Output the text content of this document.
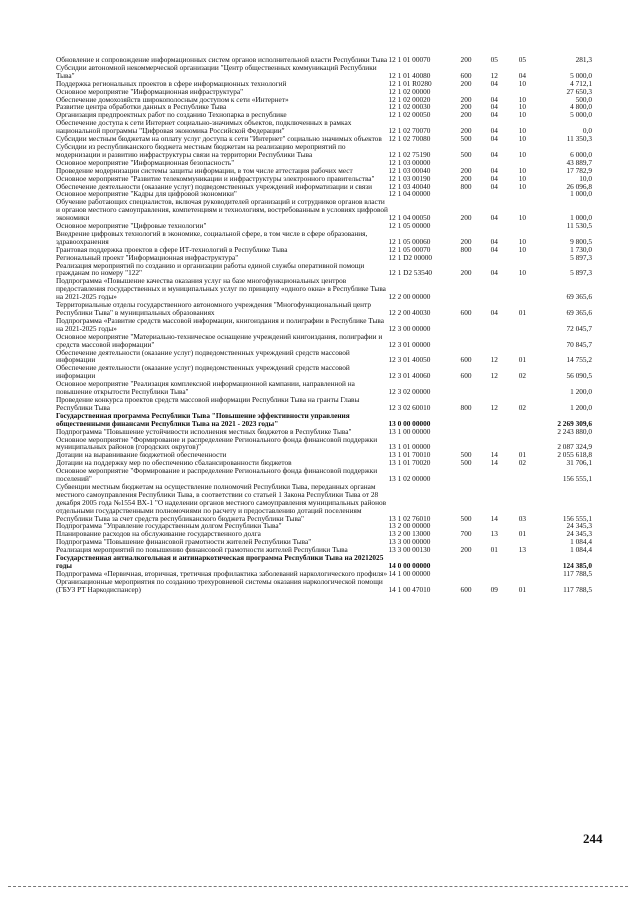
Обновление и сопровождение информационных систем органов исполнительной власти Республики Тыва	12 1 01 00070	200	05	05	281,3
Субсидии автономной некоммерческой организации "Центр общественных коммуникаций Республики Тыва"	12 1 01 40080	600	12	04	5 000,0
Поддержка региональных проектов в сфере информационных технологий	12 1 01 R0280	200	04	10	4 712,1
Основное мероприятие "Информационная инфраструктура"	12 1 02 00000				27 650,3
Обеспечение домохозяйств широкополосным доступом к сети «Интернет»	12 1 02 00020	200	04	10	500,0
Развитие центра обработки данных в Республике Тыва	12 1 02 00030	200	04	10	4 800,0
Организация предпроектных работ по созданию Технопарка в республике	12 1 02 00050	200	04	10	5 000,0
Обеспечение доступа к сети Интернет социально-значимых объектов, подключенных в рамках национальной программы "Цифровая экономика Российской Федерации"	12 1 02 70070	200	04	10	0,0
Субсидии местным бюджетам на оплату услуг доступа к сети "Интернет" социально значимых объектов	12 1 02 70080	500	04	10	11 350,3
Субсидии из республиканского бюджета местным бюджетам на реализацию мероприятий по модернизации и развитию инфраструктуры связи на территории Республики Тыва	12 1 02 75190	500	04	10	6 000,0
Основное мероприятие "Информационная безопасность"	12 1 03 00000				43 889,7
Проведение модернизации системы защиты информации, в том числе аттестация рабочих мест	12 1 03 00040	200	04	10	17 782,9
Основное мероприятие "Развитие телекоммуникации и инфраструктуры электронного правительства"	12 1 03 00190	200	04	10	10,0
Обеспечение деятельности (оказание услуг) подведомственных учреждений информатизации и связи	12 1 03 40040	800	04	10	26 096,8
Основное мероприятие "Кадры для цифровой экономики"	12 1 04 00000				1 000,0
Обучение работающих специалистов, включая руководителей организаций и сотрудников органов власти и органов местного самоуправления, компетенциям и технологиям, востребованным в условиях цифровой экономики	12 1 04 00050	200	04	10	1 000,0
Основное мероприятие "Цифровые технологии"	12 1 05 00000				11 530,5
Внедрение цифровых технологий в экономике, социальной сфере, в том числе в сфере образования, здравоохранения	12 1 05 00060	200	04	10	9 800,5
Грантовая поддержка проектов в сфере ИТ-технологий в Республике Тыва	12 1 05 00070	800	04	10	1 730,0
Региональный проект "Информационная инфраструктура"	12 1 D2 00000				5 897,3
Реализация мероприятий по созданию и организации работы единой службы оперативной помощи гражданам по номеру "122"	12 1 D2 53540	200	04	10	5 897,3
Подпрограмма «Повышение качества оказания услуг на базе многофункциональных центров предоставления государственных и муниципальных услуг по принципу «одного окна» в Республике Тыва на 2021-2025 годы»	12 2 00 00000				69 365,6
Территориальные отделы государственного автономного учреждения "Многофункциональный центр Республики Тыва" в муниципальных образованиях	12 2 00 40030	600	04	01	69 365,6
Подпрограмма «Развитие средств массовой информации, книгоиздания и полиграфии в Республике Тыва на 2021-2025 годы»	12 3 00 00000				72 045,7
Основное мероприятие "Материально-техническое оснащение учреждений книгоиздания, полиграфии и средств массовой информации"	12 3 01 00000				70 845,7
Обеспечение деятельности (оказание услуг) подведомственных учреждений средств массовой информации	12 3 01 40050	600	12	01	14 755,2
Обеспечение деятельности (оказание услуг) подведомственных учреждений средств массовой информации	12 3 01 40060	600	12	02	56 090,5
Основное мероприятие "Реализация комплексной информационной кампании, направленной на повышение открытости Республики Тыва"	12 3 02 00000				1 200,0
Проведение конкурса проектов средств массовой информации Республики Тыва на гранты Главы Республики Тыва	12 3 02 60010	800	12	02	1 200,0
Государственная программа Республики Тыва "Повышение эффективности управления общественными финансами Республики Тыва на 2021 - 2023 годы"	13 0 00 00000				2 269 309,6
Подпрограмма "Повышение устойчивости исполнения местных бюджетов в Республике Тыва"	13 1 00 00000				2 243 880,0
Основное мероприятие "Формирование и распределение Регионального фонда финансовой поддержки муниципальных районов (городских округов)"	13 1 01 00000				2 087 324,9
Дотации на выравнивание бюджетной обеспеченности	13 1 01 70010	500	14	01	2 055 618,8
Дотации на поддержку мер по обеспечению сбалансированности бюджетов	13 1 01 70020	500	14	02	31 706,1
Основное мероприятие "Формирование и распределение Регионального фонда финансовой поддержки поселений"	13 1 02 00000				156 555,1
Субвенции местным бюджетам на осуществление полномочий Республики Тыва, переданных органам местного самоуправления Республики Тыва, в соответствии со статьей 1 Закона Республики Тыва от 28 декабря 2005 года №1554 ВХ-1 "О наделении органов местного самоуправления муниципальных районов отдельными государственными полномочиями по расчету и предоставлению дотаций поселениям Республики Тыва за счет средств республиканского бюджета Республики Тыва"	13 1 02 76010	500	14	03	156 555,1
Подпрограмма "Управление государственным долгом Республики Тыва"	13 2 00 00000				24 345,3
Планирование расходов на обслуживание государственного долга	13 2 00 13000	700	13	01	24 345,3
Подпрограмма "Повышение финансовой грамотности жителей Республики Тыва"	13 3 00 00000				1 084,4
Реализация мероприятий по повышению финансовой грамотности жителей Республики Тыва	13 3 00 00130	200	01	13	1 084,4
Государственная антиалкогольная и антинаркотическая программа Республики Тыва на 20212025 годы	14 0 00 00000				124 385,0
Подпрограмма «Первичная, вторичная, третичная профилактика заболеваний наркологического профиля»	14 1 00 00000				117 788,5
Организационные мероприятия по созданию трехуровневой системы оказания наркологической помощи (ГБУЗ РТ Наркодиспансер)	14 1 00 47010	600	09	01	117 788,5
244
